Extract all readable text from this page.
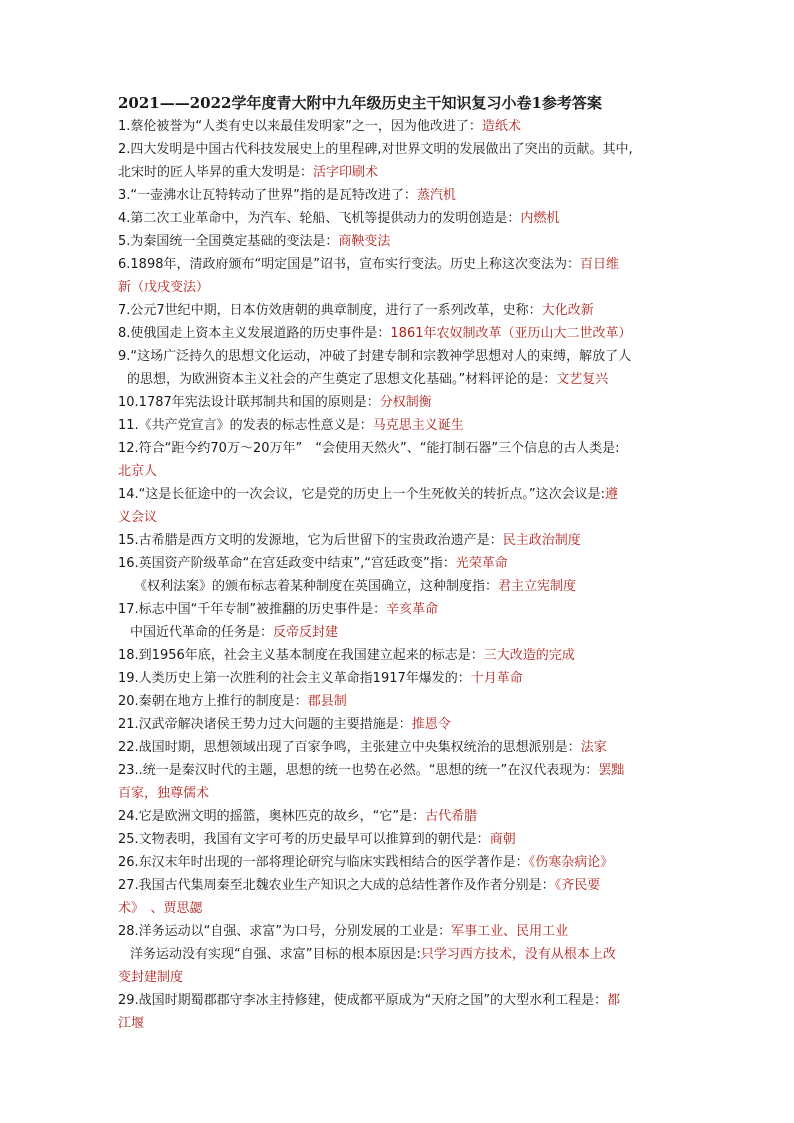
2021——2022学年度青大附中九年级历史主干知识复习小卷1参考答案
1.蔡伦被誉为“人类有史以来最佳发明家”之一，因为他改进了：造纸术
2.四大发明是中国古代科技发展史上的里程碑,对世界文明的发展做出了突出的贡献。其中,
北宋时的匠人毕昇的重大发明是：活字印刷术
3.“一壶沸水让瓦特转动了世界”指的是瓦特改进了：蒸汽机
4.第二次工业革命中，为汽车、轮船、飞机等提供动力的发明创造是：内燃机
5.为秦国统一全国奠定基础的变法是：商鞅变法
6.1898年，清政府颁布“明定国是”诏书，宣布实行变法。历史上称这次变法为：百日维
新（戊戌变法）
7.公元7世纪中期，日本仿效唐朝的典章制度，进行了一系列改革，史称：大化改新
8.使俄国走上资本主义发展道路的历史事件是：1861年农奴制改革（亚历山大二世改革）
9.“这场广泛持久的思想文化运动，冲破了封建专制和宗教神学思想对人的束缚，解放了人
的思想，为欧洲资本主义社会的产生奠定了思想文化基础。”材料评论的是：文艺复兴
10.1787年宪法设计联邦制共和国的原则是：分权制衡
11.《共产党宣言》的发表的标志性意义是：马克思主义诞生
12.符合“距今约70万～20万年”　“会使用天然火”、“能打制石器”三个信息的古人类是:
北京人
14.“这是长征途中的一次会议，它是党的历史上一个生死攸关的转折点。”这次会议是:遵
义会议
15.古希腊是西方文明的发源地，它为后世留下的宝贵政治遗产是：民主政治制度
16.英国资产阶级革命“在宫廷政变中结束”,“宫廷政变”指：光荣革命
《权利法案》的颁布标志着某种制度在英国确立，这种制度指：君主立宪制度
17.标志中国“千年专制”被推翻的历史事件是：辛亥革命
中国近代革命的任务是：反帝反封建
18.到1956年底，社会主义基本制度在我国建立起来的标志是：三大改造的完成
19.人类历史上第一次胜利的社会主义革命指1917年爆发的：十月革命
20.秦朝在地方上推行的制度是：郡县制
21.汉武帝解决诸侯王势力过大问题的主要措施是：推恩令
22.战国时期，思想领域出现了百家争鸣，主张建立中央集权统治的思想派别是：法家
23..统一是秦汉时代的主题，思想的统一也势在必然。“思想的统一”在汉代表现为：罢黜
百家，独尊儒术
24.它是欧洲文明的摇篮，奥林匹克的故乡，“它”是：古代希腊
25.文物表明，我国有文字可考的历史最早可以推算到的朝代是：商朝
26.东汉末年时出现的一部将理论研究与临床实践相结合的医学著作是：《伤寒杂病论》
27.我国古代集周秦至北魏农业生产知识之大成的总结性著作及作者分别是：《齐民要
术》　、贾思勰
28.洋务运动以“自强、求富”为口号，分别发展的工业是：军事工业、民用工业
洋务运动没有实现“自强、求富”目标的根本原因是:只学习西方技术，没有从根本上改
变封建制度
29.战国时期蜀郡郡守李冰主持修建，使成都平原成为“天府之国”的大型水利工程是：都
江堰
